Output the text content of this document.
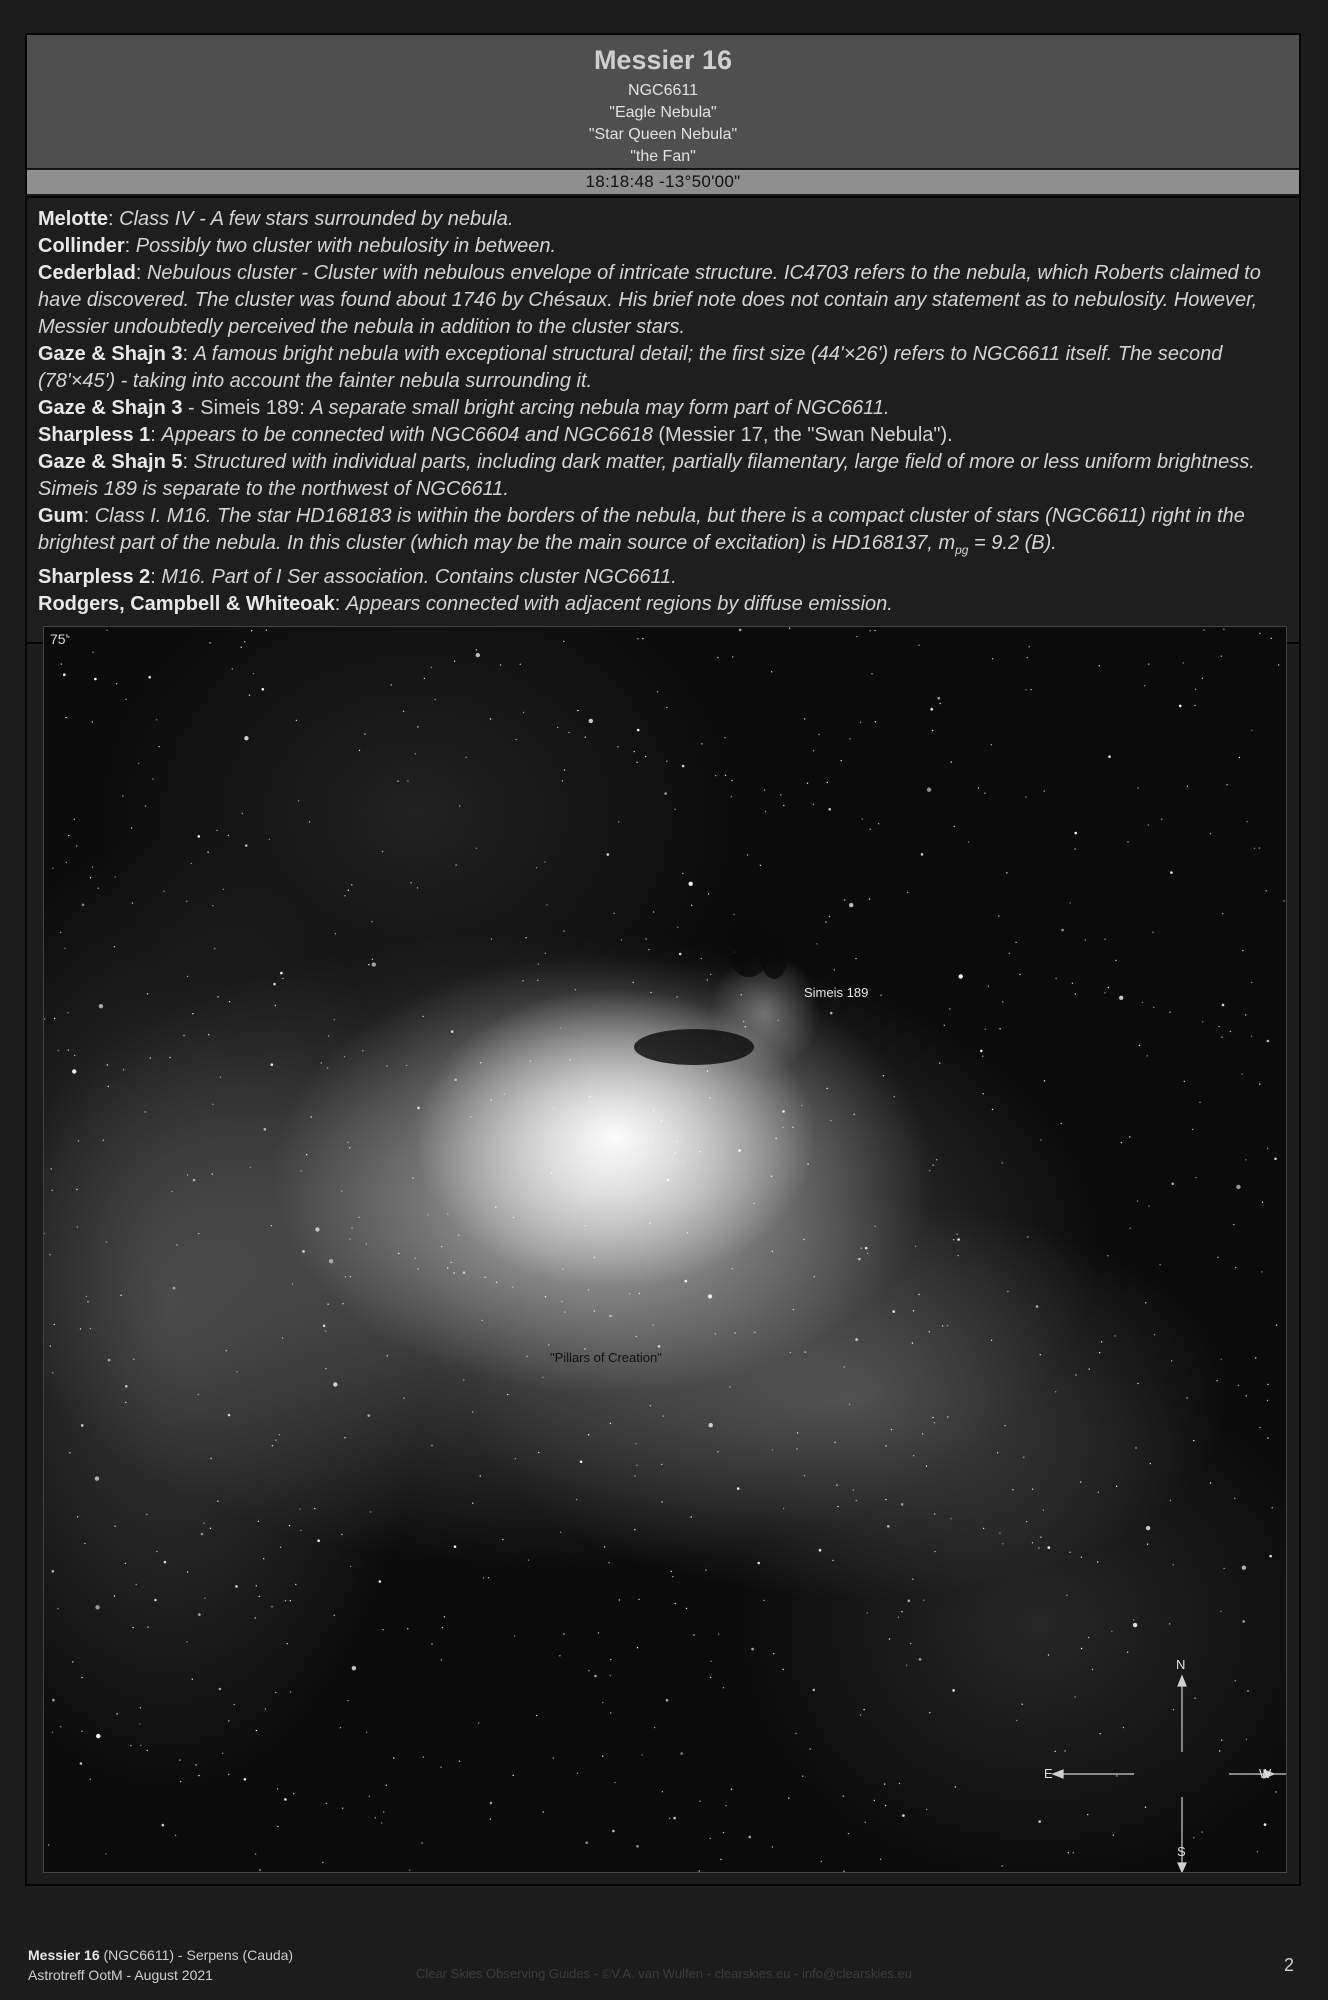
Messier 16
NGC6611
"Eagle Nebula"
"Star Queen Nebula"
"the Fan"
18:18:48 -13°50'00"

Melotte: Class IV - A few stars surrounded by nebula.

Collinder: Possibly two cluster with nebulosity in between.

Cederblad: Nebulous cluster - Cluster with nebulous envelope of intricate structure. IC4703 refers to the nebula, which Roberts claimed to have discovered. The cluster was found about 1746 by Chésaux. His brief note does not contain any statement as to nebulosity. However, Messier undoubtedly perceived the nebula in addition to the cluster stars.

Gaze & Shajn 3: A famous bright nebula with exceptional structural detail; the first size (44'×26') refers to NGC6611 itself. The second (78'×45') - taking into account the fainter nebula surrounding it.

Gaze & Shajn 3 - Simeis 189: A separate small bright arcing nebula may form part of NGC6611.

Sharpless 1: Appears to be connected with NGC6604 and NGC6618 (Messier 17, the "Swan Nebula").

Gaze & Shajn 5: Structured with individual parts, including dark matter, partially filamentary, large field of more or less uniform brightness. Simeis 189 is separate to the northwest of NGC6611.

Gum: Class I. M16. The star HD168183 is within the borders of the nebula, but there is a compact cluster of stars (NGC6611) right in the brightest part of the nebula. In this cluster (which may be the main source of excitation) is HD168137, $m_{pg} = 9.2$ (B).

Sharpless 2: M16. Part of I Ser association. Contains cluster NGC6611.

Rodgers, Campbell & Whiteoak: Appears connected with adjacent regions by diffuse emission.

75'
Simeis 189
"Pillars of Creation"
N
S
E	W
Messier 16 (NGC6611) - Serpens (Cauda)
Astrotreff OotM - August 2021	Clear Skies Observing Guides - ©V.A. van Wulfen - clearskies.eu - info@clearskies.eu	2
